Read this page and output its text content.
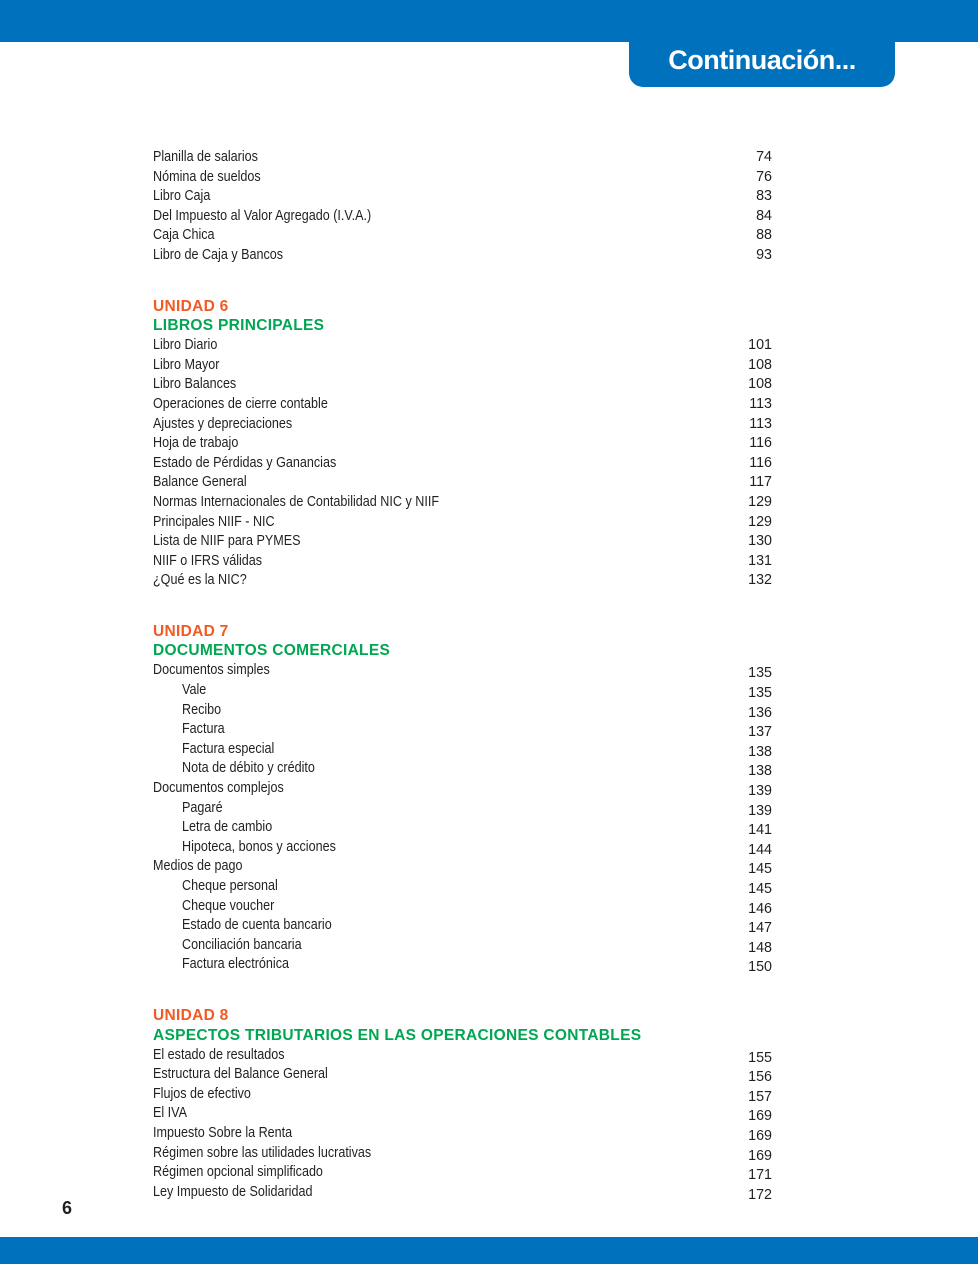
Continuación...
Planilla de salarios	74
Nómina de sueldos	76
Libro Caja	83
Del Impuesto al Valor Agregado (I.V.A.)	84
Caja Chica	88
Libro de Caja y Bancos	93
UNIDAD 6
LIBROS PRINCIPALES
Libro Diario	101
Libro Mayor	108
Libro Balances	108
Operaciones de cierre contable	113
Ajustes y depreciaciones	113
Hoja de trabajo	116
Estado de Pérdidas y Ganancias	116
Balance General	117
Normas Internacionales de Contabilidad NIC y NIIF	129
Principales NIIF - NIC	129
Lista de NIIF para PYMES	130
NIIF o IFRS válidas	131
¿Qué es la NIC?	132
UNIDAD 7
DOCUMENTOS COMERCIALES
Documentos simples	135
Vale	135
Recibo	136
Factura	137
Factura especial	138
Nota de débito y crédito	138
Documentos complejos	139
Pagaré	139
Letra de cambio	141
Hipoteca, bonos y acciones	144
Medios de pago	145
Cheque personal	145
Cheque voucher	146
Estado de cuenta bancario	147
Conciliación bancaria	148
Factura electrónica	150
UNIDAD 8
ASPECTOS TRIBUTARIOS EN LAS OPERACIONES CONTABLES
El estado de resultados	155
Estructura del Balance General	156
Flujos de efectivo	157
El IVA	169
Impuesto Sobre la Renta	169
Régimen sobre las utilidades lucrativas	169
Régimen opcional simplificado	171
Ley Impuesto de Solidaridad	172
6
